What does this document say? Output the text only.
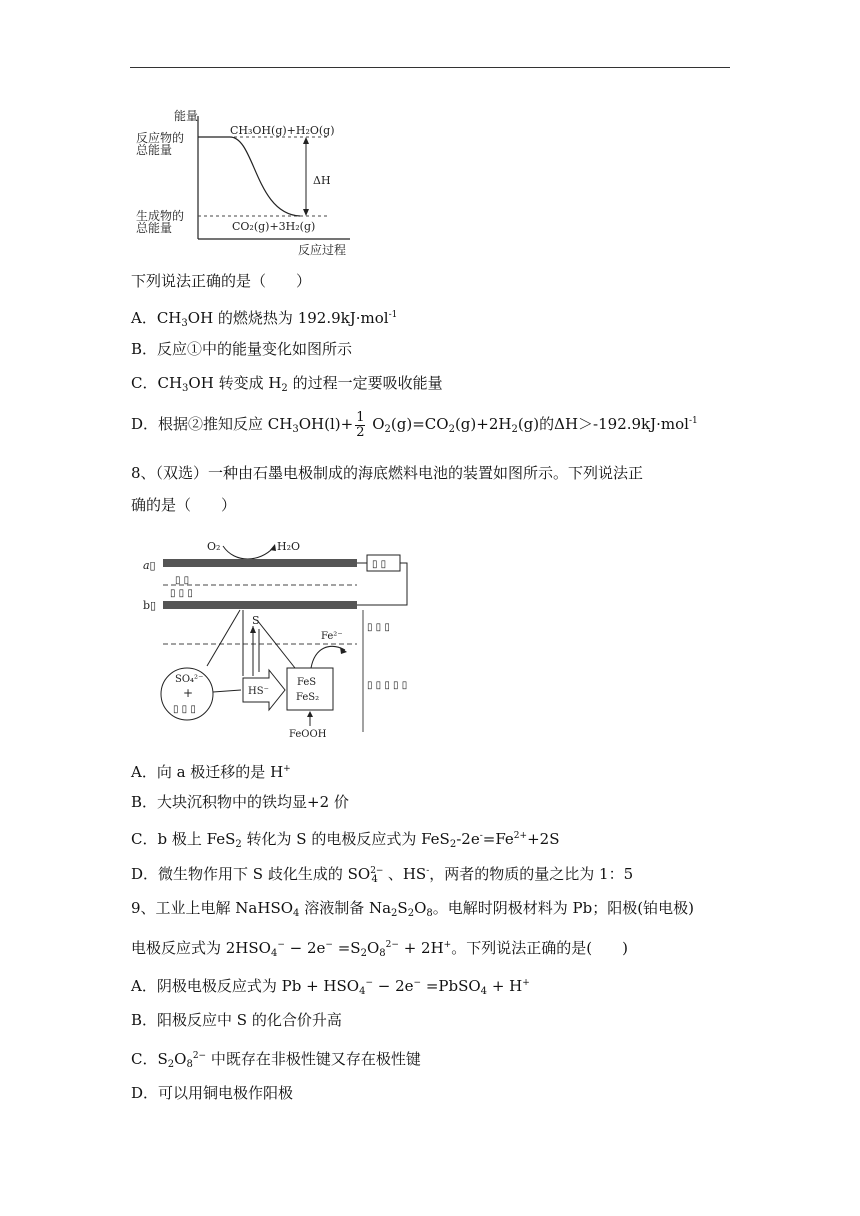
能量
反应物的
总能量
生成物的
总能量
CH₃OH(g)+H₂O(g)
ΔH
CO₂(g)+3H₂(g)
反应过程
下列说法正确的是（　　）
A．$CH_3OH$ 的燃烧热为 192.9kJ·mol$^{-1}$
B．反应①中的能量变化如图所示
C．$CH_3OH$ 转变成 $H_2$ 的过程一定要吸收能量
D．根据②推知反应 $CH_3OH(l)+ \frac{1}{2} O_2(g)=CO_2(g)+2H_2(g)$的ΔH＞-192.9kJ·mol$^{-1}$
8、（双选）一种由石墨电极制成的海底燃料电池的装置如图所示。下列说法正
确的是（　　）
O₂	H₂O
a▯	▯ ▯
▯ ▯
▯ ▯ ▯
b▯
S
Fe²⁻
▯ ▯ ▯
▯ ▯ ▯ ▯ ▯
SO₄²⁻
+
▯ ▯ ▯
HS⁻
FeS
FeS₂
FeOOH
A．向 a 极迁移的是 H+
B．大块沉积物中的铁均显+2 价
C．b 极上 FeS$_2$ 转化为 S 的电极反应式为 $FeS_2-2e^-=Fe^{2+}+2S$
D．微生物作用下 S 歧化生成的 $SO^{2-}_4$ 、HS-，两者的物质的量之比为 1：5
9、工业上电解 NaHSO$_4$ 溶液制备 $Na_2S_2O_8$。电解时阴极材料为 Pb；阳极(铂电极)
电极反应式为 $2HSO_4^- - 2e^- =S_2O_8^{2-} + 2H^+$。下列说法正确的是(　　)
A．阴极电极反应式为 $Pb + HSO_4^- - 2e^-$ =PbSO$_4$ + H+
B．阳极反应中 S 的化合价升高
C．$S_2O_8^{2-}$ 中既存在非极性键又存在极性键
D．可以用铜电极作阳极
